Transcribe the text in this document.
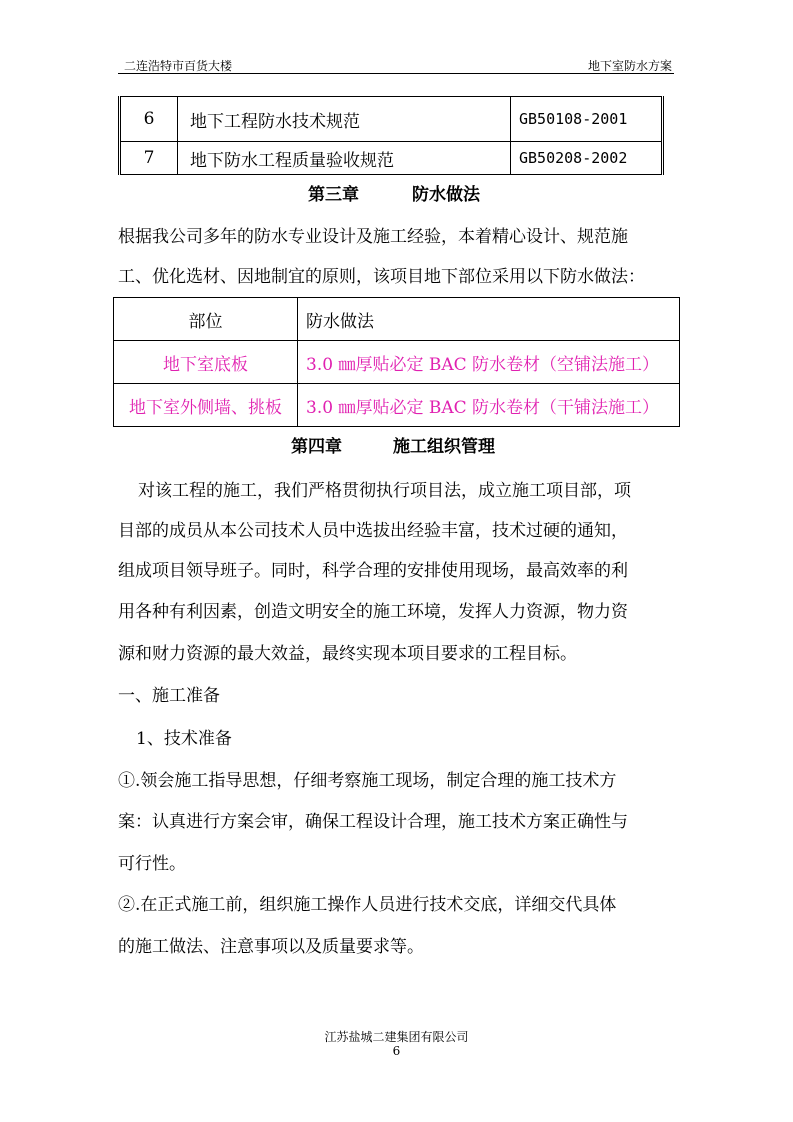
二连浩特市百货大楼	地下室防水方案
6	地下工程防水技术规范	GB50108-2001
7	地下防水工程质量验收规范	GB50208-2002
第三章	防水做法
根据我公司多年的防水专业设计及施工经验，本着精心设计、规范施
工、优化选材、因地制宜的原则，该项目地下部位采用以下防水做法：
部位	防水做法
地下室底板	3.0 ㎜厚贴必定 BAC 防水卷材（空铺法施工）
地下室外侧墙、挑板	3.0 ㎜厚贴必定 BAC 防水卷材（干铺法施工）
第四章	施工组织管理
对该工程的施工，我们严格贯彻执行项目法，成立施工项目部，项
目部的成员从本公司技术人员中选拔出经验丰富，技术过硬的通知，
组成项目领导班子。同时，科学合理的安排使用现场，最高效率的利
用各种有利因素，创造文明安全的施工环境，发挥人力资源，物力资
源和财力资源的最大效益，最终实现本项目要求的工程目标。
一、施工准备
1、技术准备
①.领会施工指导思想，仔细考察施工现场，制定合理的施工技术方
案：认真进行方案会审，确保工程设计合理，施工技术方案正确性与
可行性。
②.在正式施工前，组织施工操作人员进行技术交底，详细交代具体
的施工做法、注意事项以及质量要求等。
江苏盐城二建集团有限公司
6
